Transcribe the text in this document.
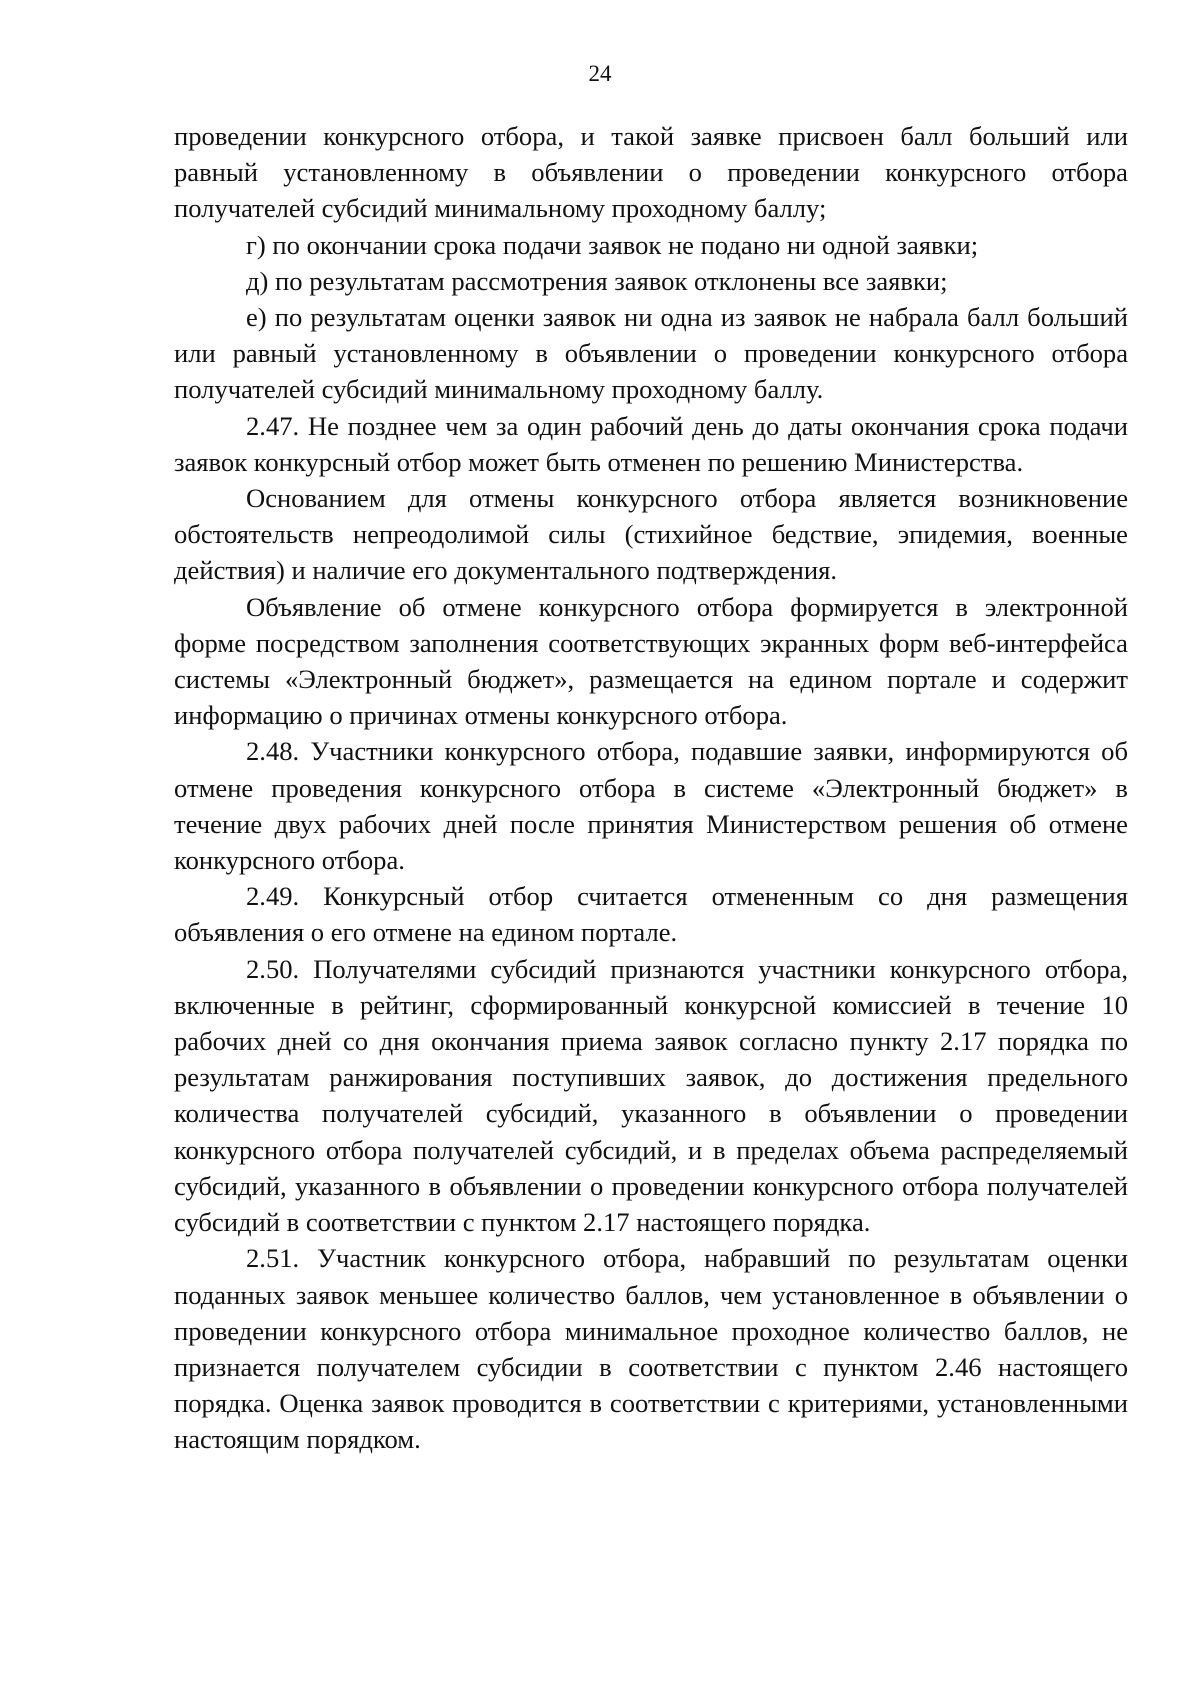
24

проведении конкурсного отбора, и такой заявке присвоен балл больший или равный установленному в объявлении о проведении конкурсного отбора получателей субсидий минимальному проходному баллу;

г) по окончании срока подачи заявок не подано ни одной заявки;

д) по результатам рассмотрения заявок отклонены все заявки;

е) по результатам оценки заявок ни одна из заявок не набрала балл больший или равный установленному в объявлении о проведении конкурсного отбора получателей субсидий минимальному проходному баллу.

2.47. Не позднее чем за один рабочий день до даты окончания срока подачи заявок конкурсный отбор может быть отменен по решению Министерства.

Основанием для отмены конкурсного отбора является возникновение обстоятельств непреодолимой силы (стихийное бедствие, эпидемия, военные действия) и наличие его документального подтверждения.

Объявление об отмене конкурсного отбора формируется в электронной форме посредством заполнения соответствующих экранных форм веб-интерфейса системы «Электронный бюджет», размещается на едином портале и содержит информацию о причинах отмены конкурсного отбора.

2.48. Участники конкурсного отбора, подавшие заявки, информируются об отмене проведения конкурсного отбора в системе «Электронный бюджет» в течение двух рабочих дней после принятия Министерством решения об отмене конкурсного отбора.

2.49. Конкурсный отбор считается отмененным со дня размещения объявления о его отмене на едином портале.

2.50. Получателями субсидий признаются участники конкурсного отбора, включенные в рейтинг, сформированный конкурсной комиссией в течение 10 рабочих дней со дня окончания приема заявок согласно пункту 2.17 порядка по результатам ранжирования поступивших заявок, до достижения предельного количества получателей субсидий, указанного в объявлении о проведении конкурсного отбора получателей субсидий, и в пределах объема распределяемый субсидий, указанного в объявлении о проведении конкурсного отбора получателей субсидий в соответствии с пунктом 2.17 настоящего порядка.

2.51. Участник конкурсного отбора, набравший по результатам оценки поданных заявок меньшее количество баллов, чем установленное в объявлении о проведении конкурсного отбора минимальное проходное количество баллов, не признается получателем субсидии в соответствии с пунктом 2.46 настоящего порядка. Оценка заявок проводится в соответствии с критериями, установленными настоящим порядком.
